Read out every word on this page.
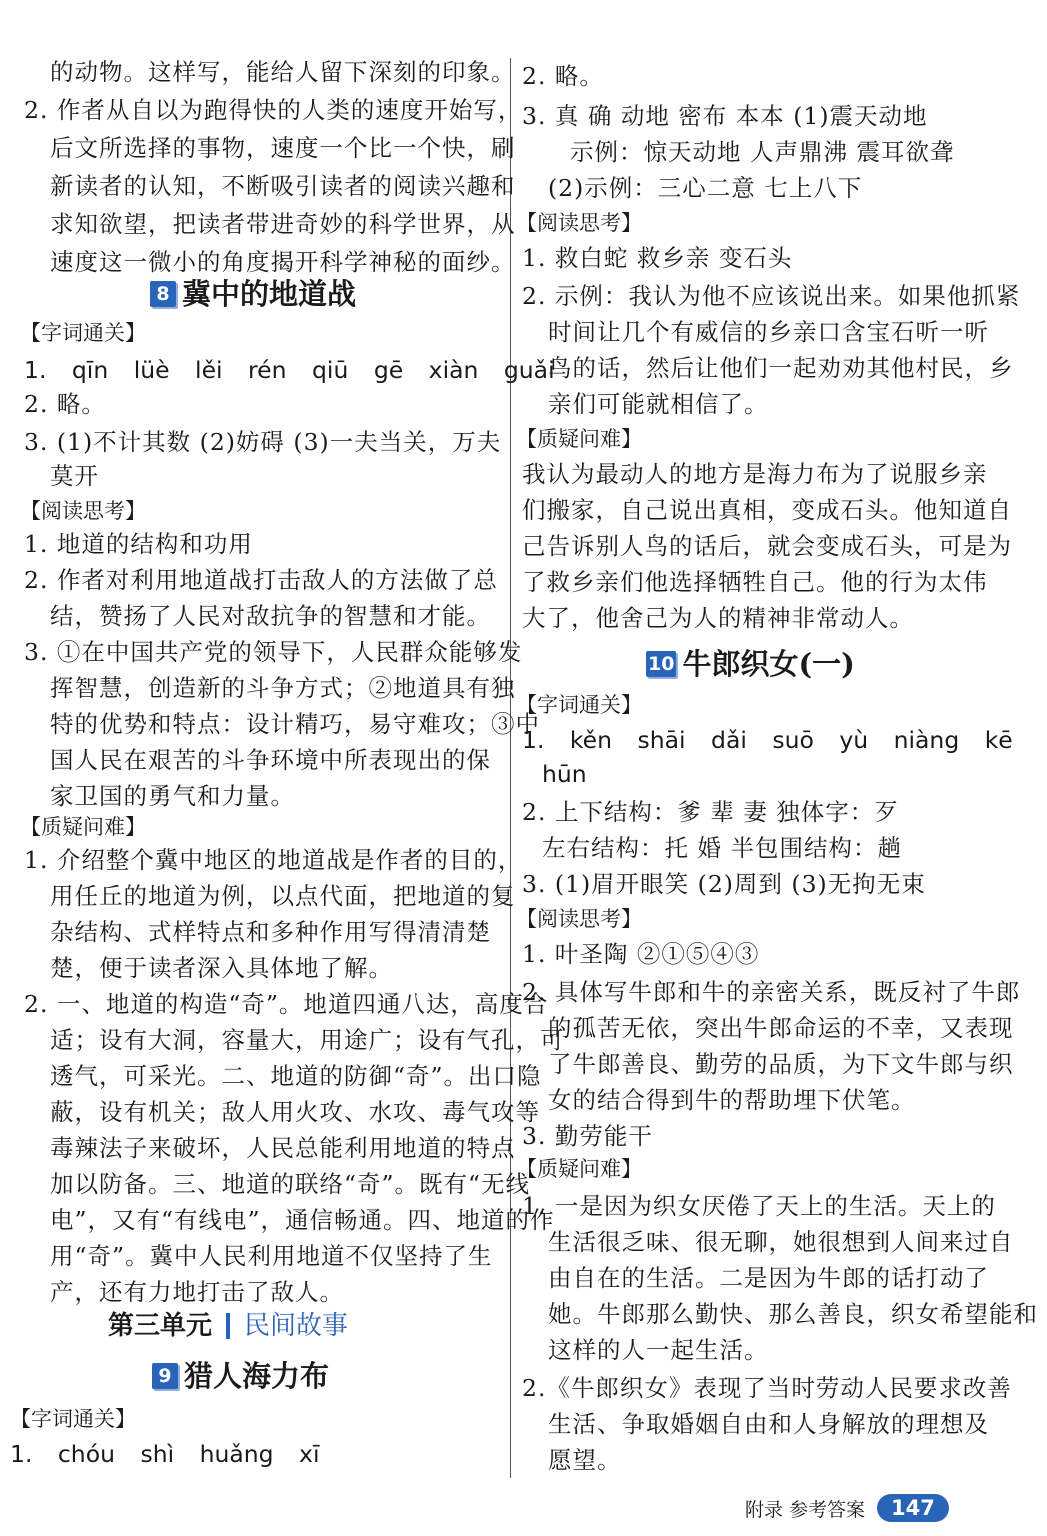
的动物。这样写，能给人留下深刻的印象。
2. 作者从自以为跑得快的人类的速度开始写，
后文所选择的事物，速度一个比一个快，刷
新读者的认知，不断吸引读者的阅读兴趣和
求知欲望，把读者带进奇妙的科学世界，从
速度这一微小的角度揭开科学神秘的面纱。
8 冀中的地道战
【字词通关】
1. qīn lüè lěi rén qiū gē xiàn guǎi
2. 略。
3. (1)不计其数 (2)妨碍 (3)一夫当关，万夫
莫开
【阅读思考】
1. 地道的结构和功用
2. 作者对利用地道战打击敌人的方法做了总
结，赞扬了人民对敌抗争的智慧和才能。
3. ①在中国共产党的领导下，人民群众能够发
挥智慧，创造新的斗争方式；②地道具有独
特的优势和特点：设计精巧，易守难攻；③中
国人民在艰苦的斗争环境中所表现出的保
家卫国的勇气和力量。
【质疑问难】
1. 介绍整个冀中地区的地道战是作者的目的，
用任丘的地道为例，以点代面，把地道的复
杂结构、式样特点和多种作用写得清清楚
楚，便于读者深入具体地了解。
2. 一、地道的构造“奇”。地道四通八达，高度合
适；设有大洞，容量大，用途广；设有气孔，可
透气，可采光。二、地道的防御“奇”。出口隐
蔽，设有机关；敌人用火攻、水攻、毒气攻等
毒辣法子来破坏，人民总能利用地道的特点
加以防备。三、地道的联络“奇”。既有“无线
电”，又有“有线电”，通信畅通。四、地道的作
用“奇”。冀中人民利用地道不仅坚持了生
产，还有力地打击了敌人。
第三单元 民间故事
9 猎人海力布
【字词通关】
1. chóu shì huǎng xī
2. 略。
3. 真 确 动地 密布 本本 (1)震天动地
示例：惊天动地 人声鼎沸 震耳欲聋
(2)示例：三心二意 七上八下
【阅读思考】
1. 救白蛇 救乡亲 变石头
2. 示例：我认为他不应该说出来。如果他抓紧
时间让几个有威信的乡亲口含宝石听一听
鸟的话，然后让他们一起劝劝其他村民，乡
亲们可能就相信了。
【质疑问难】
我认为最动人的地方是海力布为了说服乡亲
们搬家，自己说出真相，变成石头。他知道自
己告诉别人鸟的话后，就会变成石头，可是为
了救乡亲们他选择牺牲自己。他的行为太伟
大了，他舍己为人的精神非常动人。
10 牛郎织女(一)
【字词通关】
1. kěn shāi dǎi suō yù niàng kē
hūn
2. 上下结构：爹 辈 妻 独体字：歹
左右结构：托 婚 半包围结构：趟
3. (1)眉开眼笑 (2)周到 (3)无拘无束
【阅读思考】
1. 叶圣陶 ②①⑤④③
2. 具体写牛郎和牛的亲密关系，既反衬了牛郎
的孤苦无依，突出牛郎命运的不幸，又表现
了牛郎善良、勤劳的品质，为下文牛郎与织
女的结合得到牛的帮助埋下伏笔。
3. 勤劳能干
【质疑问难】
1. 一是因为织女厌倦了天上的生活。天上的
生活很乏味、很无聊，她很想到人间来过自
由自在的生活。二是因为牛郎的话打动了
她。牛郎那么勤快、那么善良，织女希望能和
这样的人一起生活。
2.《牛郎织女》表现了当时劳动人民要求改善
生活、争取婚姻自由和人身解放的理想及
愿望。
附录 参考答案	147
